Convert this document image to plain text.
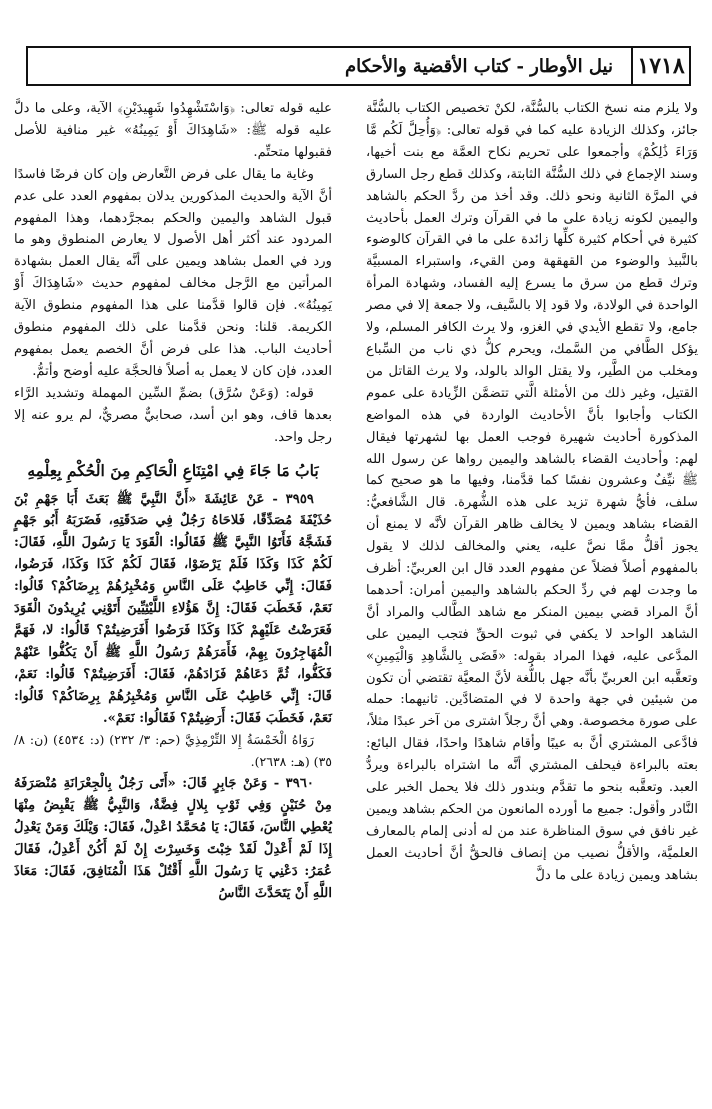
١٧١٨
نيل الأوطار - كتاب الأقضية والأحكام

ولا يلزم منه نسخ الكتاب بالسُّنَّة، لكنْ تخصيص الكتاب بالسُّنَّة جائز، وكذلك الزيادة عليه كما في قوله تعالى: ﴿وَأُحِلَّ لَكُم مَّا وَرَاءَ ذَٰلِكُمْ﴾ وأجمعوا على تحريم نكاح العمَّة مع بنت أخيها، وسند الإجماع في ذلك السُّنَّة الثابتة، وكذلك قطع رجل السارق في المرَّة الثانية ونحو ذلك. وقد أخذ من ردَّ الحكم بالشاهد واليمين لكونه زيادة على ما في القرآن وترك العمل بأحاديث كثيرة في أحكام كثيرة كلِّها زائدة على ما في القرآن كالوضوء بالنَّبيذ والوضوء من القهقهة ومن القيء، واستبراء المسبيَّة وترك قطع من سرق ما يسرع إليه الفساد، وشهادة المرأة الواحدة في الولادة، ولا قود إلا بالسَّيف، ولا جمعة إلا في مصر جامع، ولا تقطع الأيدي في الغزو، ولا يرث الكافر المسلم، ولا يؤكل الطَّافي من السَّمك، ويحرم كلُّ ذي ناب من السِّباع ومخلب من الطَّير، ولا يقتل الوالد بالولد، ولا يرث القاتل من القتيل، وغير ذلك من الأمثلة الَّتي تتضمَّن الزِّيادة على عموم الكتاب وأجابوا بأنَّ الأحاديث الواردة في هذه المواضع المذكورة أحاديث شهيرة فوجب العمل بها لشهرتها فيقال لهم: وأحاديث القضاء بالشاهد واليمين رواها عن رسول الله ﷺ نيِّفٌ وعشرون نفسًا كما قدَّمنا، وفيها ما هو صحيح كما سلف، فأيُّ شهرة تزيد على هذه الشُّهرة. قال الشَّافعيُّ: القضاء بشاهد ويمين لا يخالف ظاهر القرآن لأنَّه لا يمنع أن يجوز أقلُّ ممَّا نصَّ عليه، يعني والمخالف لذلك لا يقول بالمفهوم أصلاً فضلاً عن مفهوم العدد قال ابن العربيِّ: أظرف ما وجدت لهم في ردِّ الحكم بالشاهد واليمين أمران: أحدهما أنَّ المراد قضي بيمين المنكر مع شاهد الطَّالب والمراد أنَّ الشاهد الواحد لا يكفي في ثبوت الحقِّ فتجب اليمين على المدَّعى عليه، فهذا المراد بقوله: «قَضَى بِالشَّاهِدِ وَالْيَمِينِ» وتعقَّبه ابن العربيِّ بأنَّه جهل باللُّغة لأنَّ المعيَّة تقتضي أن تكون من شيئين في جهة واحدة لا في المتضادَّين. ثانيهما: حمله على صورة مخصوصة. وهي أنَّ رجلاً اشترى من آخر عبدًا مثلاً، فادَّعى المشتري أنَّ به عيبًا وأقام شاهدًا واحدًا، فقال البائع: بعته بالبراءة فيحلف المشتري أنَّه ما اشتراه بالبراءة ويردُّ العبد. وتعقَّبه بنحو ما تقدَّم وبندور ذلك فلا يحمل الخبر على النَّادر وأقول: جميع ما أورده المانعون من الحكم بشاهد ويمين غير نافق في سوق المناظرة عند من له أدنى إلمام بالمعارف العلميَّة، والأقلُّ نصيب من إنصاف فالحقُّ أنَّ أحاديث العمل بشاهد ويمين زيادة على ما دلَّ

عليه قوله تعالى: ﴿وَاسْتَشْهِدُوا شَهِيدَيْنِ﴾ الآية، وعلى ما دلَّ عليه قوله ﷺ: «شَاهِدَاكَ أَوْ يَمِينُهُ» غير منافية للأصل فقبولها متحتِّم.

وغاية ما يقال على فرض التَّعارض وإن كان فرضًا فاسدًا أنَّ الآية والحديث المذكورين يدلان بمفهوم العدد على عدم قبول الشاهد واليمين والحكم بمجرَّدهما، وهذا المفهوم المردود عند أكثر أهل الأصول لا يعارض المنطوق وهو ما ورد في العمل بشاهد ويمين على أنَّه يقال العمل بشهادة المرأتين مع الرَّجل مخالف لمفهوم حديث «شَاهِدَاكَ أَوْ يَمِينُهُ». فإن قالوا قدَّمنا على هذا المفهوم منطوق الآية الكريمة. قلنا: ونحن قدَّمنا على ذلك المفهوم منطوق أحاديث الباب. هذا على فرض أنَّ الخصم يعمل بمفهوم العدد، فإن كان لا يعمل به أصلاً فالحجَّة عليه أوضح وأتمُّ.

قوله: (وَعَنْ سُرَّق) بضمِّ السِّين المهملة وتشديد الرَّاء بعدها قاف، وهو ابن أسد، صحابيٌّ مصريٌّ، لم يرو عنه إلا رجل واحد.

بَابُ مَا جَاءَ فِي امْتِنَاعِ الْحَاكِمِ مِنَ الْحُكْمِ بِعِلْمِهِ

٣٩٥٩ - عَنْ عَائِشَةَ «أَنَّ النَّبِيَّ ﷺ بَعَثَ أَبَا جَهْمِ بْنَ حُذَيْفَةَ مُصَدِّقًا، فَلاحَاهُ رَجُلٌ فِي صَدَقَتِهِ، فَضَرَبَهُ أَبُو جَهْمٍ فَشَجَّهُ فَأَتَوُا النَّبِيَّ ﷺ فَقَالُوا: الْقَوَدَ يَا رَسُولَ اللَّهِ، فَقَالَ: لَكُمْ كَذَا وَكَذَا فَلَمْ يَرْضَوْا، فَقَالَ لَكُمْ كَذَا وَكَذَا، فَرَضُوا، فَقَالَ: إِنِّي خَاطِبٌ عَلَى النَّاسِ وَمُخْبِرُهُمْ بِرِضَاكُمْ؟ قَالُوا: نَعَمْ، فَخَطَبَ فَقَالَ: إِنَّ هَؤُلاءِ اللَّيْثِيِّينَ أَتَوْنِي يُرِيدُونَ الْقَوَدَ فَعَرَضْتُ عَلَيْهِمْ كَذَا وَكَذَا فَرَضُوا أَفَرَضِيتُمْ؟ قَالُوا: لا، فَهَمَّ الْمُهَاجِرُونَ بِهِمْ، فَأَمَرَهُمْ رَسُولُ اللَّهِ ﷺ أَنْ يَكُفُّوا عَنْهُمْ فَكَفُّوا، ثُمَّ دَعَاهُمْ فَزَادَهُمْ، فَقَالَ: أَفَرَضِيتُمْ؟ قَالُوا: نَعَمْ، قَالَ: إِنِّي خَاطِبٌ عَلَى النَّاسِ وَمُخْبِرُهُمْ بِرِضَاكُمْ؟ قَالُوا: نَعَمْ، فَخَطَبَ فَقَالَ: أَرَضِيتُمْ؟ فَقَالُوا: نَعَمْ».

رَوَاهُ الْخَمْسَةُ إِلا التِّرْمِذِيَّ (حم: ٣/ ٢٣٢) (د: ٤٥٣٤) (ن: ٨/ ٣٥) (هـ: ٢٦٣٨).

٣٩٦٠ - وَعَنْ جَابِرٍ قَالَ: «أَتَى رَجُلٌ بِالْجِعْرَانَةِ مُنْصَرَفَهُ مِنْ حُنَيْنٍ وَفِي ثَوْبِ بِلالٍ فِضَّةٌ، وَالنَّبِيُّ ﷺ يَقْبِضُ مِنْهَا يُعْطِي النَّاسَ، فَقَالَ: يَا مُحَمَّدُ اعْدِلْ، فَقَالَ: وَيْلَكَ وَمَنْ يَعْدِلُ إِذَا لَمْ أَعْدِلْ لَقَدْ خِبْتَ وَخَسِرْتَ إِنْ لَمْ أَكُنْ أَعْدِلُ، فَقَالَ عُمَرُ: دَعْنِي يَا رَسُولَ اللَّهِ أَقْتُلْ هَذَا الْمُنَافِقَ، فَقَالَ: مَعَاذَ اللَّهِ أَنْ يَتَحَدَّثَ النَّاسُ
